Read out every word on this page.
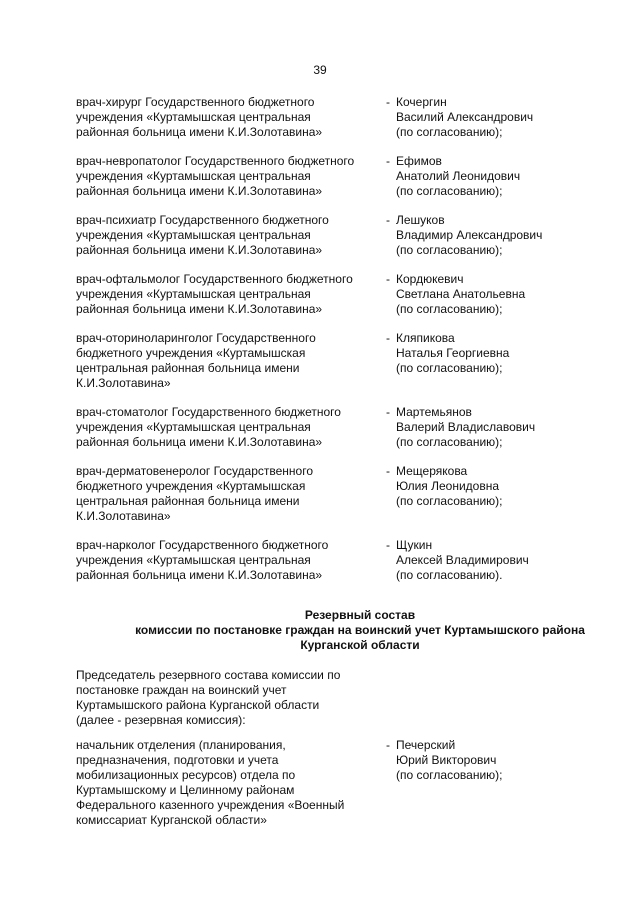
39
врач-хирург Государственного бюджетного
учреждения «Куртамышская центральная
районная больница имени К.И.Золотавина»
- Кочергин
Василий Александрович
(по согласованию);
врач-невропатолог Государственного бюджетного
учреждения «Куртамышская центральная
районная больница имени К.И.Золотавина»
- Ефимов
Анатолий Леонидович
(по согласованию);
врач-психиатр Государственного бюджетного
учреждения «Куртамышская центральная
районная больница имени К.И.Золотавина»
- Лешуков
Владимир Александрович
(по согласованию);
врач-офтальмолог Государственного бюджетного
учреждения «Куртамышская центральная
районная больница имени К.И.Золотавина»
- Кордюкевич
Светлана Анатольевна
(по согласованию);
врач-оториноларинголог Государственного
бюджетного учреждения «Куртамышская
центральная районная больница имени
К.И.Золотавина»
- Кляпикова
Наталья Георгиевна
(по согласованию);
врач-стоматолог Государственного бюджетного
учреждения «Куртамышская центральная
районная больница имени К.И.Золотавина»
- Мартемьянов
Валерий Владиславович
(по согласованию);
врач-дерматовенеролог Государственного
бюджетного учреждения «Куртамышская
центральная районная больница имени
К.И.Золотавина»
- Мещерякова
Юлия Леонидовна
(по согласованию);
врач-нарколог Государственного бюджетного
учреждения «Куртамышская центральная
районная больница имени К.И.Золотавина»
- Щукин
Алексей Владимирович
(по согласованию).
Резервный состав
комиссии по постановке граждан на воинский учет Куртамышского района
Курганской области
Председатель резервного состава комиссии по
постановке граждан на воинский учет
Куртамышского района Курганской области
(далее - резервная комиссия):
начальник отделения (планирования,
предназначения, подготовки и учета
мобилизационных ресурсов) отдела по
Куртамышскому и Целинному районам
Федерального казенного учреждения «Военный
комиссариат Курганской области»
- Печерский
Юрий Викторович
(по согласованию);
